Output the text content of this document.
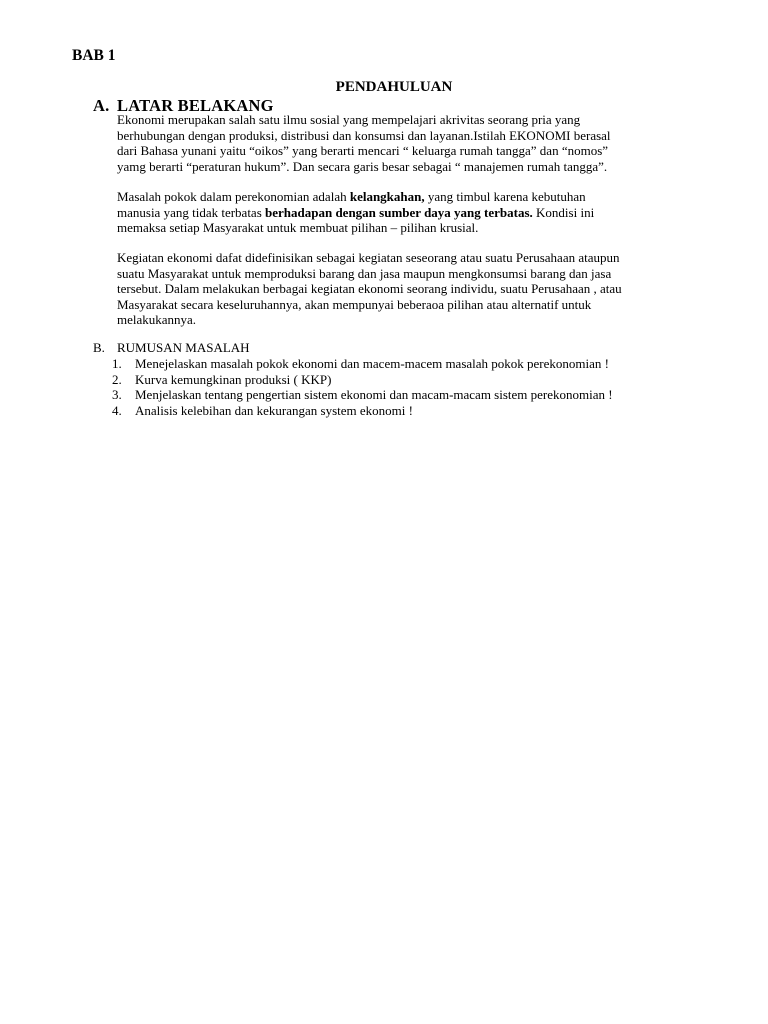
BAB 1
PENDAHULUAN
A. LATAR BELAKANG
Ekonomi merupakan salah satu ilmu sosial yang mempelajari akrivitas seorang pria yang
berhubungan dengan produksi, distribusi dan konsumsi dan layanan.Istilah EKONOMI berasal
dari Bahasa yunani yaitu “oikos” yang berarti mencari “ keluarga rumah tangga” dan “nomos”
yamg berarti “peraturan hukum”. Dan secara garis besar sebagai “ manajemen rumah tangga”.
Masalah pokok dalam perekonomian adalah kelangkahan, yang timbul karena kebutuhan
manusia yang tidak terbatas berhadapan dengan sumber daya yang terbatas. Kondisi ini
memaksa setiap Masyarakat untuk membuat pilihan – pilihan krusial.
Kegiatan ekonomi dafat didefinisikan sebagai kegiatan seseorang atau suatu Perusahaan ataupun
suatu Masyarakat untuk memproduksi barang dan jasa maupun mengkonsumsi barang dan jasa
tersebut. Dalam melakukan berbagai kegiatan ekonomi seorang individu, suatu Perusahaan , atau
Masyarakat secara keseluruhannya, akan mempunyai beberaoa pilihan atau alternatif untuk
melakukannya.
B. RUMUSAN MASALAH
1. Menejelaskan masalah pokok ekonomi dan macem-macem masalah pokok perekonomian !
2. Kurva kemungkinan produksi ( KKP)
3. Menjelaskan tentang pengertian sistem ekonomi dan macam-macam sistem perekonomian !
4. Analisis kelebihan dan kekurangan system ekonomi !
